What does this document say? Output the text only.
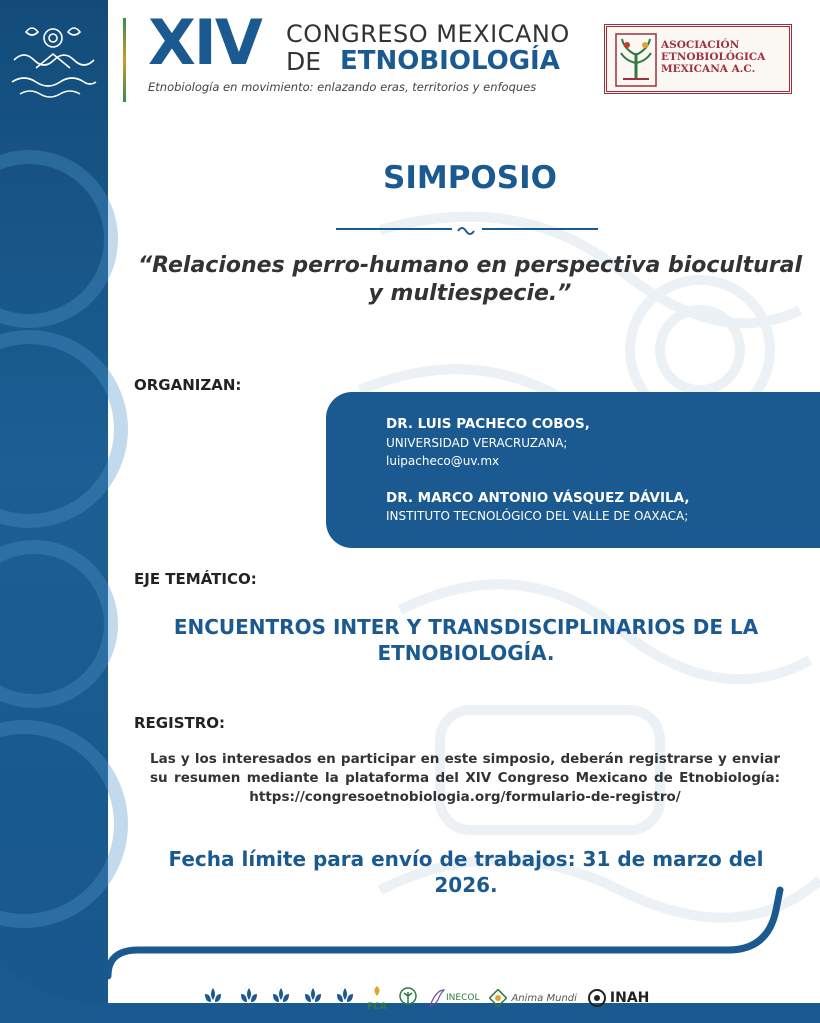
XIV CONGRESO MEXICANO
DE ETNOBIOLOGÍA
Etnobiología en movimiento: enlazando eras, territorios y enfoques
ASOCIACIÓN
ETNOBIOLÓGICA
MEXICANA A.C.
SIMPOSIO
“Relaciones perro-humano en perspectiva biocultural y multiespecie.”
ORGANIZAN:
DR. LUIS PACHECO COBOS,
UNIVERSIDAD VERACRUZANA;
luipacheco@uv.mx
DR. MARCO ANTONIO VÁSQUEZ DÁVILA,
INSTITUTO TECNOLÓGICO DEL VALLE DE OAXACA;
EJE TEMÁTICO:
ENCUENTROS INTER Y TRANSDISCIPLINARIOS DE LA ETNOBIOLOGÍA.
REGISTRO:
Las y los interesados en participar en este simposio, deberán registrarse y enviar su resumen mediante la plataforma del XIV Congreso Mexicano de Etnobiología: https://congresoetnobiologia.org/formulario-de-registro/
Fecha límite para envío de trabajos: 31 de marzo del 2026.
FCA
INECOL	Anima Mundi INAH
